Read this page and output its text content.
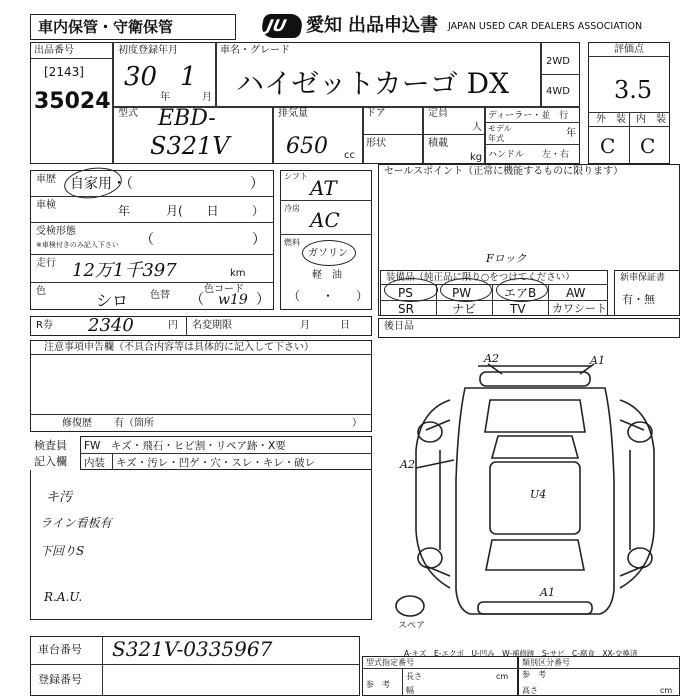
車内保管・守衛保管	JU 愛知 出品申込書 JAPAN USED CAR DEALERS ASSOCIATION
出品番号
[2143]
35024
初度登録年月
30
年
1
月
車名・グレード
ハイゼットカーゴ DX
2WD
4WD
型式 EBD-
S321V
排気量
650 cc
ドア
形状
定員
人
積載
kg
ディーラー・並　行
モデル年式	年
ハンドル 左・右
評価点
3.5
外　装 内　装
C C
車歴 自家用・（	）
車検	年　　　月(　　日	）
受検形態
※車検付きのみ記入下さい （	）
走行 12万1千397	km
色	シロ 色替
色コード
（ w19 ）
シフト AT
冷房 AC
燃料
ガソリン
軽　油
（ ・ ）
セールスポイント（正常に機能するものに限ります）
Fロック
装備品（純正品に限り○をつけてください）
PS	PW	エアB AW
SR	ナビ	TV カワシート
新車保証書
有・無
R券 2340	円 名変期限	月　　　日	後日品
注意事項申告欄（不具合内容等は具体的に記入して下さい）
修復歴 有（箇所	）
検査員
記入欄
FW　キズ・飛石・ヒビ割・リペア跡・X要
内装 キズ・汚レ・凹ゲ・穴・スレ・キレ・破レ
キ汚
ライン看板有
下回りS
R.A.U.
A2	A1
A2
U4
A1
スペア
車台番号 S321V-0335967
登録番号
A-キズ　E-エクボ　U-凹み　W-補修跡　S-サビ　C-腐食　XX-交換済
型式指定番号
参　考
長さ	cm
幅
類別区分番号
参　考
高さ	cm
